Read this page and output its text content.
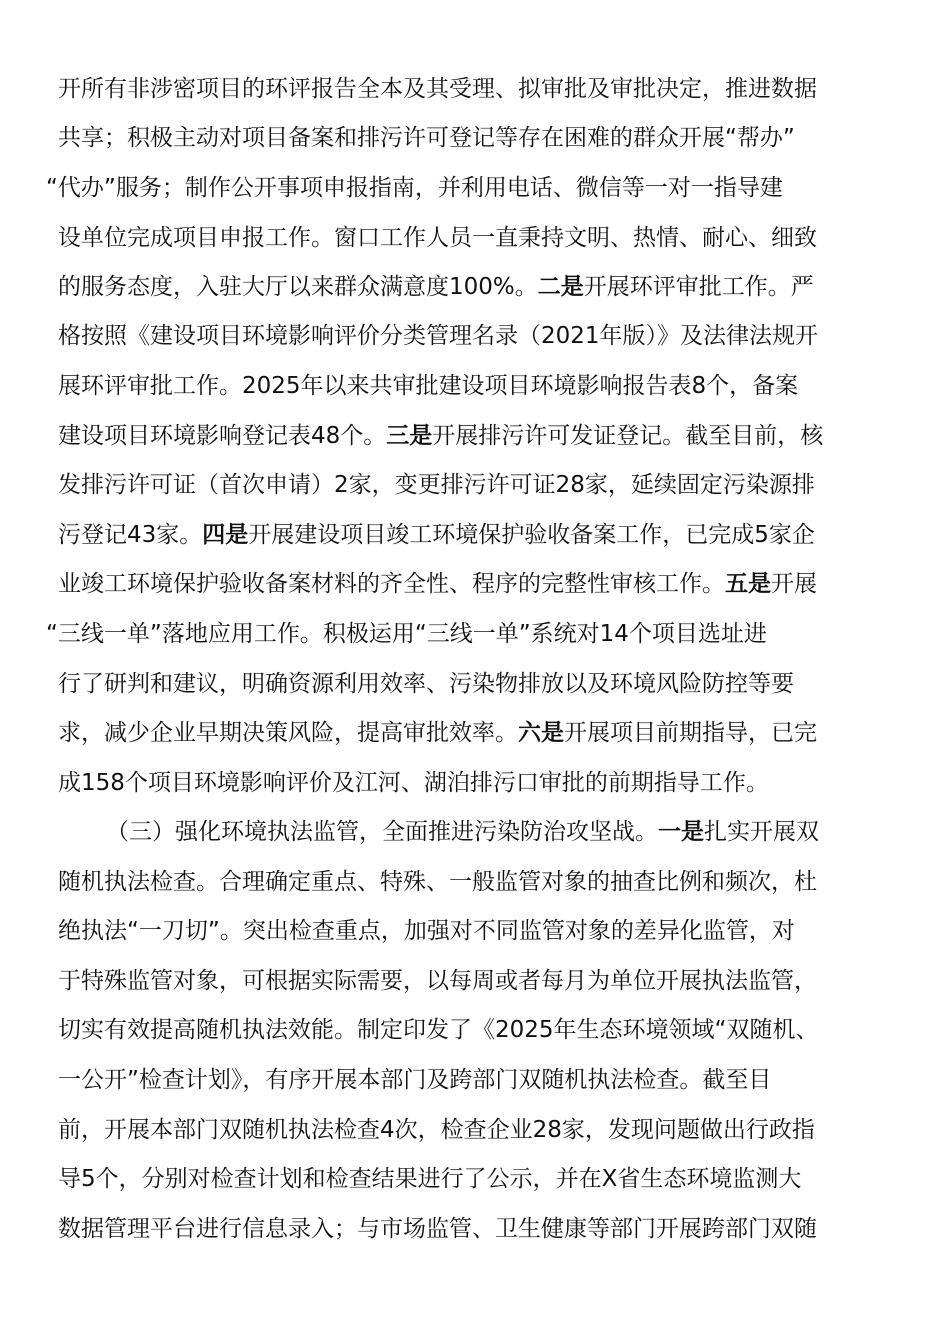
开所有非涉密项目的环评报告全本及其受理、拟审批及审批决定，推进数据
共享；积极主动对项目备案和排污许可登记等存在困难的群众开展“帮办”
“代办”服务；制作公开事项申报指南，并利用电话、微信等一对一指导建
设单位完成项目申报工作。窗口工作人员一直秉持文明、热情、耐心、细致
的服务态度，入驻大厅以来群众满意度100%。二是开展环评审批工作。严
格按照《建设项目环境影响评价分类管理名录（2021年版）》及法律法规开
展环评审批工作。2025年以来共审批建设项目环境影响报告表8个，备案
建设项目环境影响登记表48个。三是开展排污许可发证登记。截至目前，核
发排污许可证（首次申请）2家，变更排污许可证28家，延续固定污染源排
污登记43家。四是开展建设项目竣工环境保护验收备案工作，已完成5家企
业竣工环境保护验收备案材料的齐全性、程序的完整性审核工作。五是开展
“三线一单”落地应用工作。积极运用“三线一单”系统对14个项目选址进
行了研判和建议，明确资源利用效率、污染物排放以及环境风险防控等要
求，减少企业早期决策风险，提高审批效率。六是开展项目前期指导，已完
成158个项目环境影响评价及江河、湖泊排污口审批的前期指导工作。
（三）强化环境执法监管，全面推进污染防治攻坚战。一是扎实开展双
随机执法检查。合理确定重点、特殊、一般监管对象的抽查比例和频次，杜
绝执法“一刀切”。突出检查重点，加强对不同监管对象的差异化监管，对
于特殊监管对象，可根据实际需要，以每周或者每月为单位开展执法监管，
切实有效提高随机执法效能。制定印发了《2025年生态环境领域“双随机、
一公开”检查计划》，有序开展本部门及跨部门双随机执法检查。截至目
前，开展本部门双随机执法检查4次，检查企业28家，发现问题做出行政指
导5个，分别对检查计划和检查结果进行了公示，并在X省生态环境监测大
数据管理平台进行信息录入；与市场监管、卫生健康等部门开展跨部门双随
